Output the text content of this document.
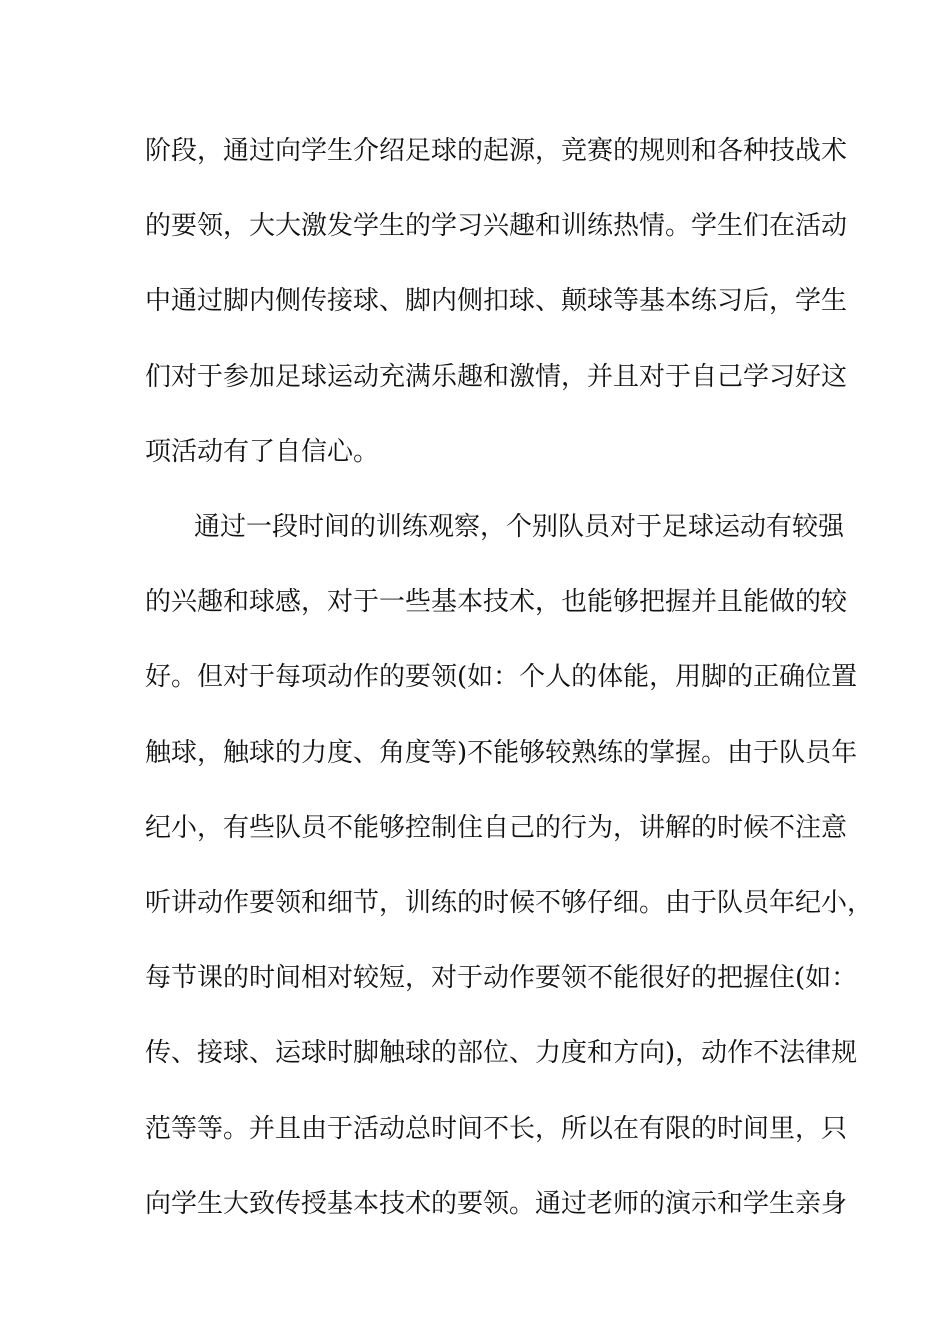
阶段，通过向学生介绍足球的起源，竞赛的规则和各种技战术
的要领，大大激发学生的学习兴趣和训练热情。学生们在活动
中通过脚内侧传接球、脚内侧扣球、颠球等基本练习后，学生
们对于参加足球运动充满乐趣和激情，并且对于自己学习好这
项活动有了自信心。
通过一段时间的训练观察，个别队员对于足球运动有较强
的兴趣和球感，对于一些基本技术，也能够把握并且能做的较
好。但对于每项动作的要领(如：个人的体能，用脚的正确位置
触球，触球的力度、角度等)不能够较熟练的掌握。由于队员年
纪小，有些队员不能够控制住自己的行为，讲解的时候不注意
听讲动作要领和细节，训练的时候不够仔细。由于队员年纪小，
每节课的时间相对较短，对于动作要领不能很好的把握住(如：
传、接球、运球时脚触球的部位、力度和方向)，动作不法律规
范等等。并且由于活动总时间不长，所以在有限的时间里，只
向学生大致传授基本技术的要领。通过老师的演示和学生亲身
